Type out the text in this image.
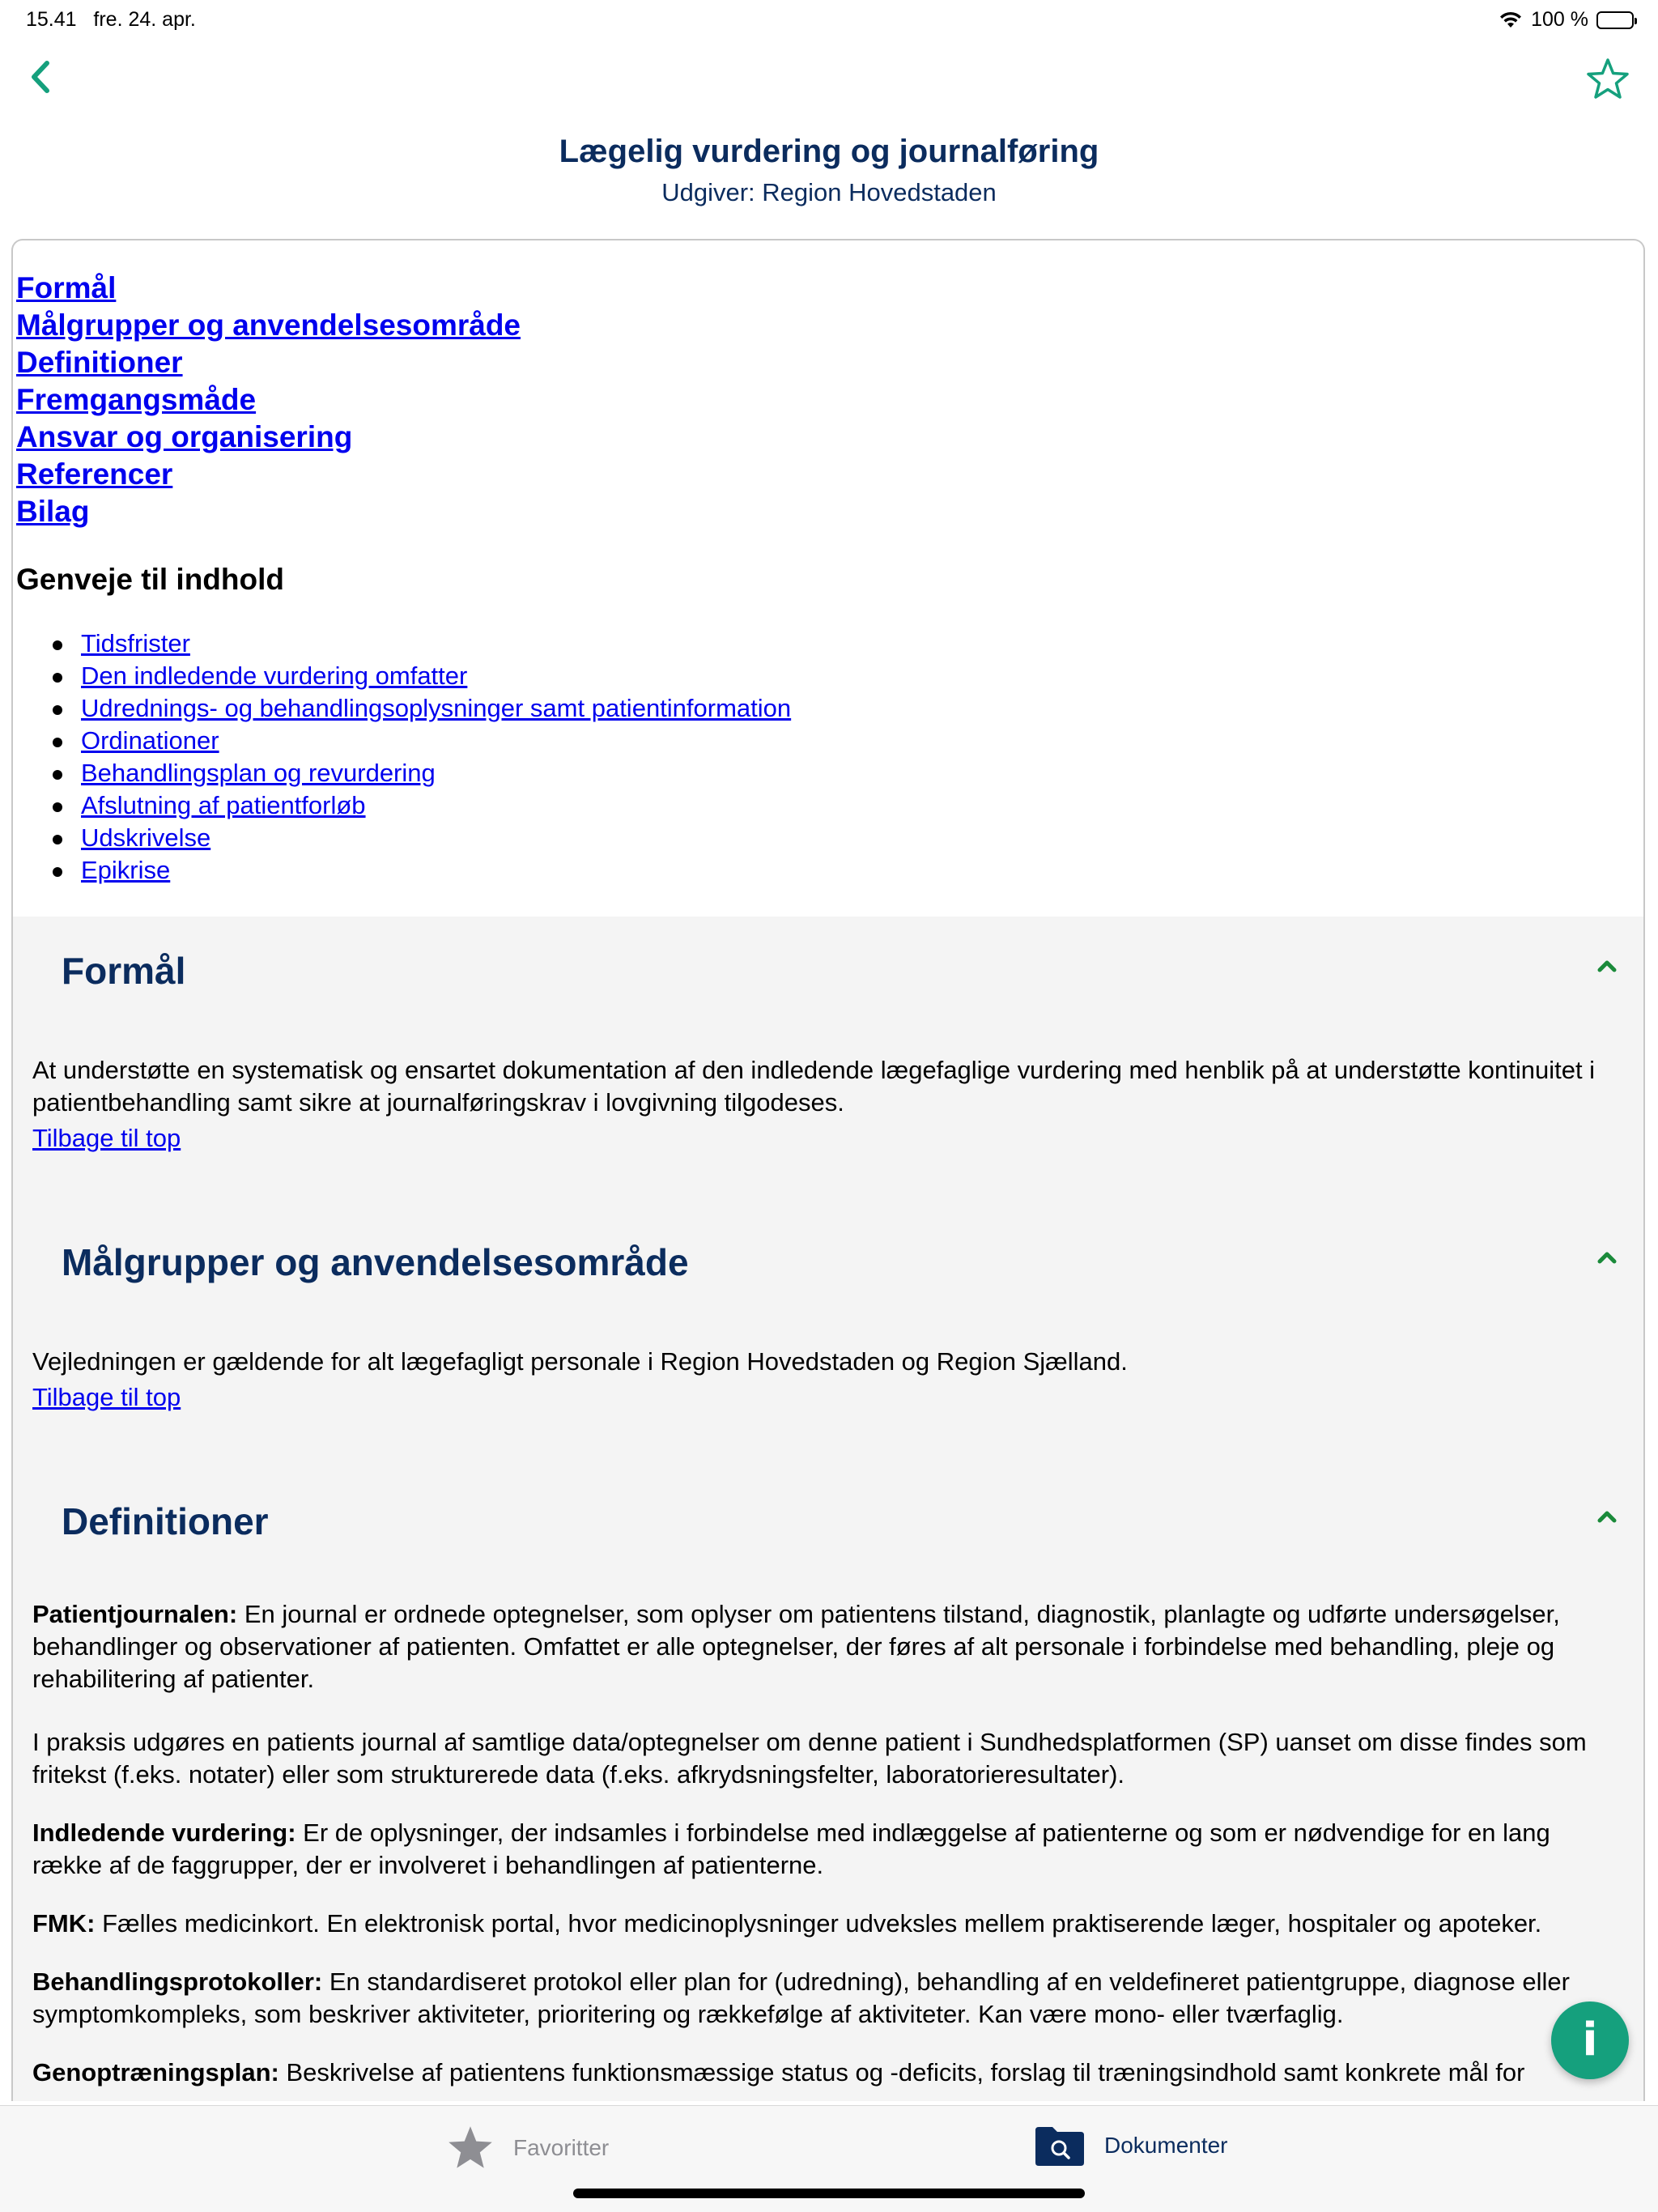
15.41 fre. 24. apr.	100 %
Lægelig vurdering og journalføring
Udgiver: Region Hovedstaden
Formål
Målgrupper og anvendelsesområde
Definitioner
Fremgangsmåde
Ansvar og organisering
Referencer
Bilag
Genveje til indhold
Tidsfrister
Den indledende vurdering omfatter
Udrednings- og behandlingsoplysninger samt patientinformation
Ordinationer
Behandlingsplan og revurdering
Afslutning af patientforløb
Udskrivelse
Epikrise
Formål

At understøtte en systematisk og ensartet dokumentation af den indledende lægefaglige vurdering med henblik på at understøtte kontinuitet i patientbehandling samt sikre at journalføringskrav i lovgivning tilgodeses.

Tilbage til top
Målgrupper og anvendelsesområde

Vejledningen er gældende for alt lægefagligt personale i Region Hovedstaden og Region Sjælland.

Tilbage til top
Definitioner

Patientjournalen: En journal er ordnede optegnelser, som oplyser om patientens tilstand, diagnostik, planlagte og udførte undersøgelser, behandlinger og observationer af patienten. Omfattet er alle optegnelser, der føres af alt personale i forbindelse med behandling, pleje og rehabilitering af patienter.

I praksis udgøres en patients journal af samtlige data/optegnelser om denne patient i Sundhedsplatformen (SP) uanset om disse findes som fritekst (f.eks. notater) eller som strukturerede data (f.eks. afkrydsningsfelter, laboratorieresultater).

Indledende vurdering: Er de oplysninger, der indsamles i forbindelse med indlæggelse af patienterne og som er nødvendige for en lang række af de faggrupper, der er involveret i behandlingen af patienterne.

FMK: Fælles medicinkort. En elektronisk portal, hvor medicinoplysninger udveksles mellem praktiserende læger, hospitaler og apoteker.

Behandlingsprotokoller: En standardiseret protokol eller plan for (udredning), behandling af en veldefineret patientgruppe, diagnose eller symptomkompleks, som beskriver aktiviteter, prioritering og rækkefølge af aktiviteter. Kan være mono- eller tværfaglig.

Genoptræningsplan: Beskrivelse af patientens funktionsmæssige status og -deficits, forslag til træningsindhold samt konkrete mål for

i
Favoritter	Dokumenter
